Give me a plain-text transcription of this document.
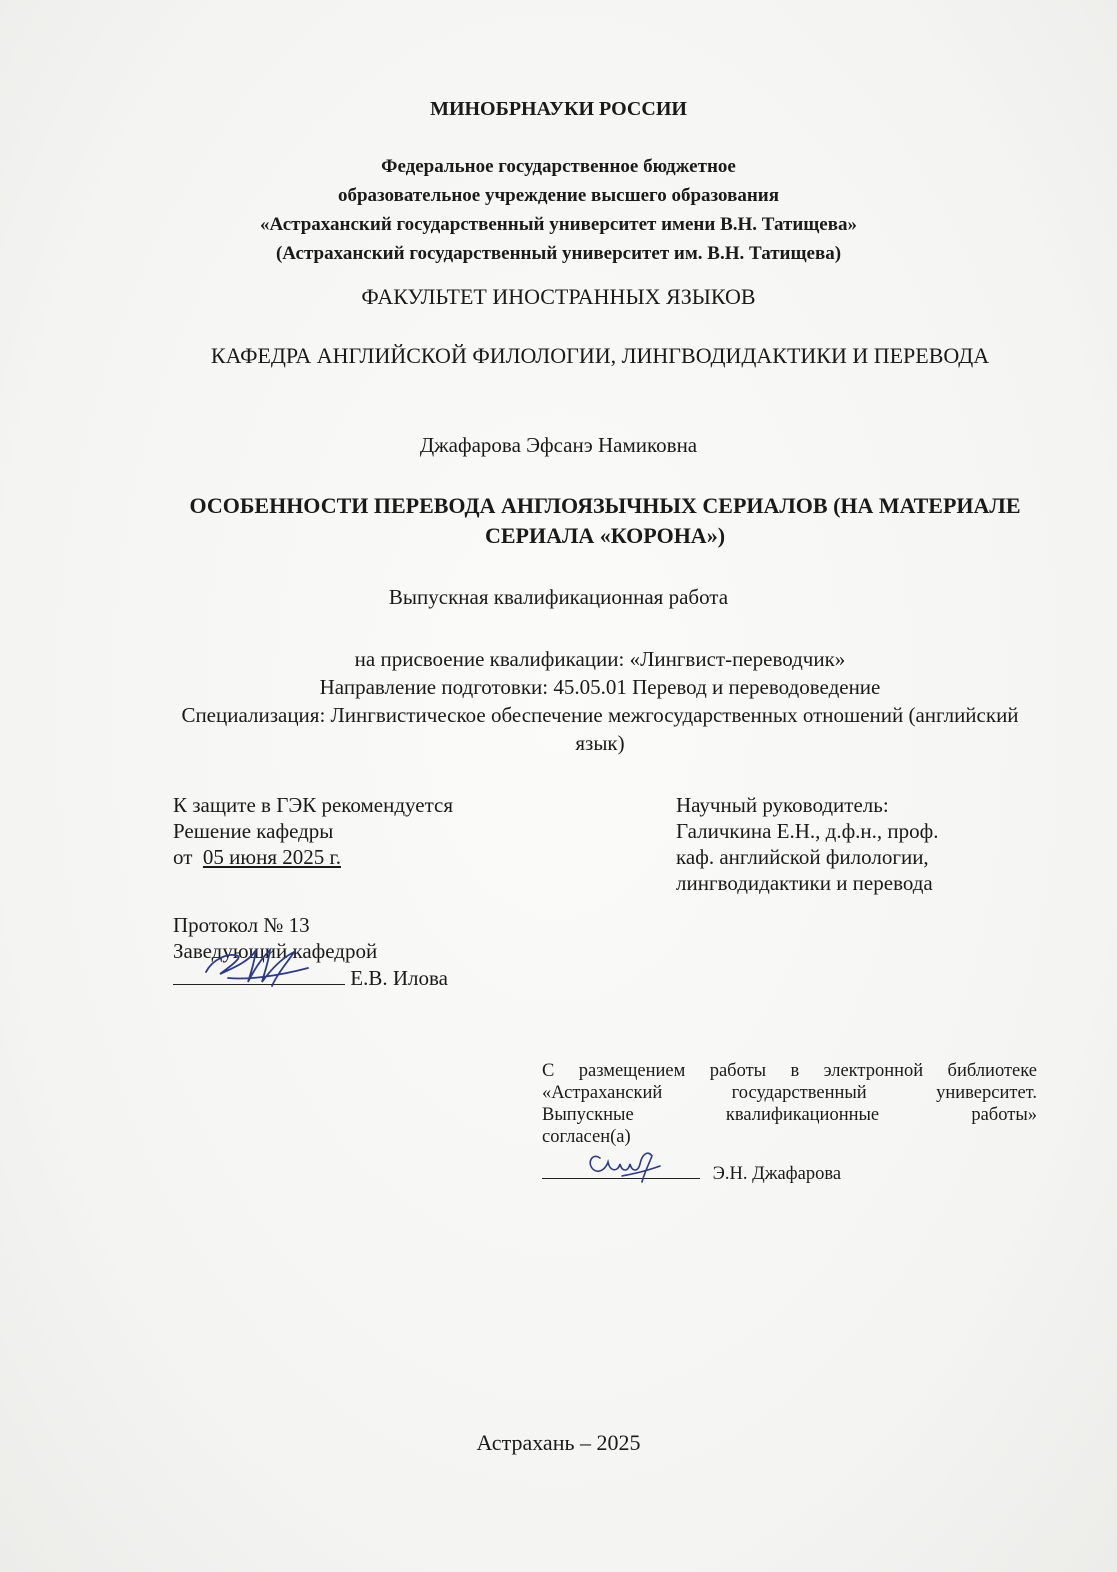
МИНОБРНАУКИ РОССИИ
Федеральное государственное бюджетное
образовательное учреждение высшего образования
«Астраханский государственный университет имени В.Н. Татищева»
(Астраханский государственный университет им. В.Н. Татищева)
ФАКУЛЬТЕТ ИНОСТРАННЫХ ЯЗЫКОВ
КАФЕДРА АНГЛИЙСКОЙ ФИЛОЛОГИИ, ЛИНГВОДИДАКТИКИ И ПЕРЕВОДА
Джафарова Эфсанэ Намиковна
ОСОБЕННОСТИ ПЕРЕВОДА АНГЛОЯЗЫЧНЫХ СЕРИАЛОВ (НА МАТЕРИАЛЕ СЕРИАЛА «КОРОНА»)
Выпускная квалификационная работа
на присвоение квалификации: «Лингвист-переводчик»
Направление подготовки: 45.05.01 Перевод и переводоведение
Специализация: Лингвистическое обеспечение межгосударственных отношений (английский язык)
К защите в ГЭК рекомендуется
Решение кафедры
от 05 июня 2025 г.
Протокол № 13
Заведующий кафедрой
Е.В. Илова
Научный руководитель:
Галичкина Е.Н., д.ф.н., проф.
каф. английской филологии,
лингводидактики и перевода
С размещением работы в электронной библиотеке
«Астраханский государственный университет.
Выпускные квалификационные работы»
согласен(а)
Э.Н. Джафарова
Астрахань – 2025
